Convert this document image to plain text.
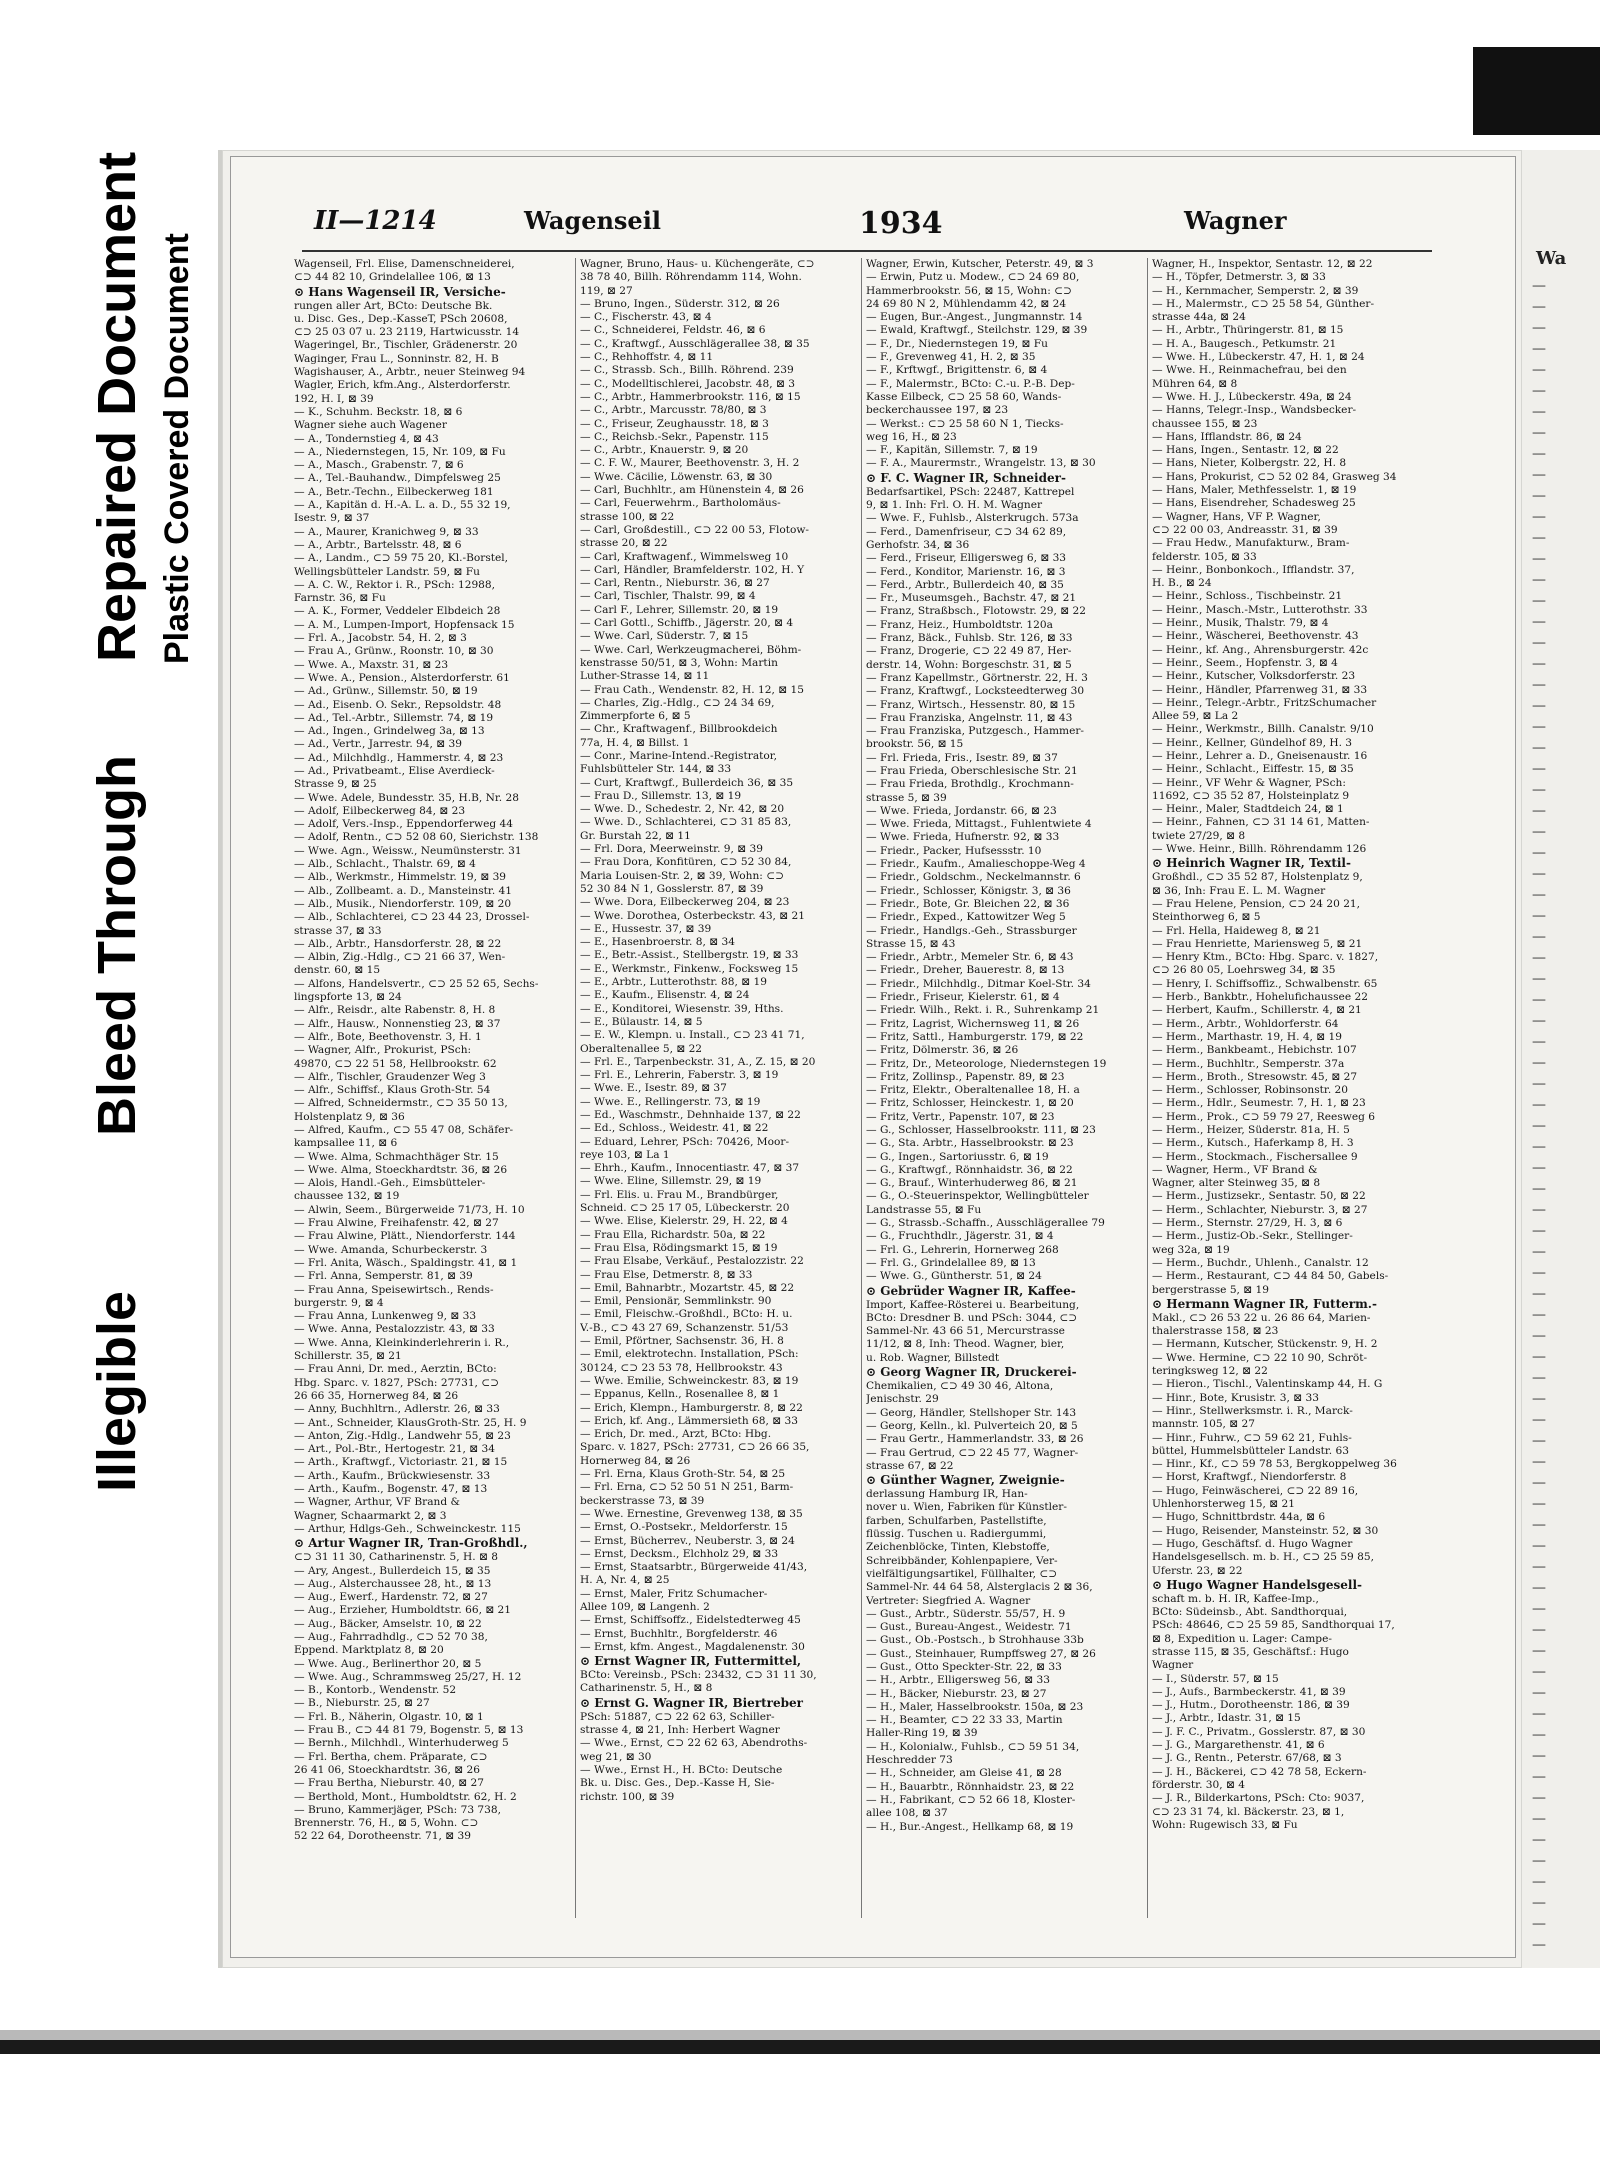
Illegible
Bleed Through
Repaired Document Plastic Covered Document	Wa
—
—
—
—
—
—
—
—
—
—
—
—
—
—
—
—
—
—
—
—
—
—
—
—
—
—
—
—
—
—
—
—
—
—
—
—
—
—
—
—
—
—
—
—
—
—
—
—
—
—
—
—
—
—
—
—
—
—
—
—
—
—
—
—
—
—
—
—
—
—
—
—
—
—
—
—
—
—
—
—
II—1214	Wagenseil	1934	Wagner
Wagenseil, Frl. Elise, Damenschneiderei,
⊂⊃ 44 82 10, Grindelallee 106, ⊠ 13
⊙ Hans Wagenseil IR, Versiche-
rungen aller Art, BCto: Deutsche Bk.
u. Disc. Ges., Dep.-KasseT, PSch 20608,
⊂⊃ 25 03 07 u. 23 2119, Hartwicusstr. 14
Wageringel, Br., Tischler, Grädenerstr. 20
Waginger, Frau L., Sonninstr. 82, H. B
Wagishauser, A., Arbtr., neuer Steinweg 94
Wagler, Erich, kfm.Ang., Alsterdorferstr.
192, H. I, ⊠ 39
— K., Schuhm. Beckstr. 18, ⊠ 6
Wagner siehe auch Wagener
— A., Tondernstieg 4, ⊠ 43
— A., Niedernstegen, 15, Nr. 109, ⊠ Fu
— A., Masch., Grabenstr. 7, ⊠ 6
— A., Tel.-Bauhandw., Dimpfelsweg 25
— A., Betr.-Techn., Eilbeckerweg 181
— A., Kapitän d. H.-A. L. a. D., 55 32 19,
Isestr. 9, ⊠ 37
— A., Maurer, Kranichweg 9, ⊠ 33
— A., Arbtr., Bartelsstr. 48, ⊠ 6
— A., Landm., ⊂⊃ 59 75 20, Kl.-Borstel,
Wellingsbütteler Landstr. 59, ⊠ Fu
— A. C. W., Rektor i. R., PSch: 12988,
Farnstr. 36, ⊠ Fu
— A. K., Former, Veddeler Elbdeich 28
— A. M., Lumpen-Import, Hopfensack 15
— Frl. A., Jacobstr. 54, H. 2, ⊠ 3
— Frau A., Grünw., Roonstr. 10, ⊠ 30
— Wwe. A., Maxstr. 31, ⊠ 23
— Wwe. A., Pension., Alsterdorferstr. 61
— Ad., Grünw., Sillemstr. 50, ⊠ 19
— Ad., Eisenb. O. Sekr., Repsoldstr. 48
— Ad., Tel.-Arbtr., Sillemstr. 74, ⊠ 19
— Ad., Ingen., Grindelweg 3a, ⊠ 13
— Ad., Vertr., Jarrestr. 94, ⊠ 39
— Ad., Milchhdlg., Hammerstr. 4, ⊠ 23
— Ad., Privatbeamt., Elise Averdieck-
Strasse 9, ⊠ 25
— Wwe. Adele, Bundesstr. 35, H.B, Nr. 28
— Adolf, Eilbeckerweg 84, ⊠ 23
— Adolf, Vers.-Insp., Eppendorferweg 44
— Adolf, Rentn., ⊂⊃ 52 08 60, Sierichstr. 138
— Wwe. Agn., Weissw., Neumünsterstr. 31
— Alb., Schlacht., Thalstr. 69, ⊠ 4
— Alb., Werkmstr., Himmelstr. 19, ⊠ 39
— Alb., Zollbeamt. a. D., Mansteinstr. 41
— Alb., Musik., Niendorferstr. 109, ⊠ 20
— Alb., Schlachterei, ⊂⊃ 23 44 23, Drossel-
strasse 37, ⊠ 33
— Alb., Arbtr., Hansdorferstr. 28, ⊠ 22
— Albin, Zig.-Hdlg., ⊂⊃ 21 66 37, Wen-
denstr. 60, ⊠ 15
— Alfons, Handelsvertr., ⊂⊃ 25 52 65, Sechs-
lingspforte 13, ⊠ 24
— Alfr., Reisdr., alte Rabenstr. 8, H. 8
— Alfr., Hausw., Nonnenstieg 23, ⊠ 37
— Alfr., Bote, Beethovenstr. 3, H. 1
— Wagner, Alfr., Prokurist, PSch:
49870, ⊂⊃ 22 51 58, Hellbrookstr. 62
— Alfr., Tischler, Graudenzer Weg 3
— Alfr., Schiffsf., Klaus Groth-Str. 54
— Alfred, Schneidermstr., ⊂⊃ 35 50 13,
Holstenplatz 9, ⊠ 36
— Alfred, Kaufm., ⊂⊃ 55 47 08, Schäfer-
kampsallee 11, ⊠ 6
— Wwe. Alma, Schmachthäger Str. 15
— Wwe. Alma, Stoeckhardtstr. 36, ⊠ 26
— Alois, Handl.-Geh., Eimsbütteler-
chaussee 132, ⊠ 19
— Alwin, Seem., Bürgerweide 71/73, H. 10
— Frau Alwine, Freihafenstr. 42, ⊠ 27
— Frau Alwine, Plätt., Niendorferstr. 144
— Wwe. Amanda, Schurbeckerstr. 3
— Frl. Anita, Wäsch., Spaldingstr. 41, ⊠ 1
— Frl. Anna, Semperstr. 81, ⊠ 39
— Frau Anna, Speisewirtsch., Rends-
burgerstr. 9, ⊠ 4
— Frau Anna, Lunkenweg 9, ⊠ 33
— Wwe. Anna, Pestalozzistr. 43, ⊠ 33
— Wwe. Anna, Kleinkinderlehrerin i. R.,
Schillerstr. 35, ⊠ 21
— Frau Anni, Dr. med., Aerztin, BCto:
Hbg. Sparc. v. 1827, PSch: 27731, ⊂⊃
26 66 35, Hornerweg 84, ⊠ 26
— Anny, Buchhltrn., Adlerstr. 26, ⊠ 33
— Ant., Schneider, KlausGroth-Str. 25, H. 9
— Anton, Zig.-Hdlg., Landwehr 55, ⊠ 23
— Art., Pol.-Btr., Hertogestr. 21, ⊠ 34
— Arth., Kraftwgf., Victoriastr. 21, ⊠ 15
— Arth., Kaufm., Brückwiesenstr. 33
— Arth., Kaufm., Bogenstr. 47, ⊠ 13
— Wagner, Arthur, VF Brand &
Wagner, Schaarmarkt 2, ⊠ 3
— Arthur, Hdlgs-Geh., Schweinckestr. 115
⊙ Artur Wagner IR, Tran-Großhdl.,
⊂⊃ 31 11 30, Catharinenstr. 5, H. ⊠ 8
— Ary, Angest., Bullerdeich 15, ⊠ 35
— Aug., Alsterchaussee 28, ht., ⊠ 13
— Aug., Ewerf., Hardenstr. 72, ⊠ 27
— Aug., Erzieher, Humboldtstr. 66, ⊠ 21
— Aug., Bäcker, Amselstr. 10, ⊠ 22
— Aug., Fahrradhdlg., ⊂⊃ 52 70 38,
Eppend. Marktplatz 8, ⊠ 20
— Wwe. Aug., Berlinerthor 20, ⊠ 5
— Wwe. Aug., Schrammsweg 25/27, H. 12
— B., Kontorb., Wendenstr. 52
— B., Nieburstr. 25, ⊠ 27
— Frl. B., Näherin, Olgastr. 10, ⊠ 1
— Frau B., ⊂⊃ 44 81 79, Bogenstr. 5, ⊠ 13
— Bernh., Milchhdl., Winterhuderweg 5
— Frl. Bertha, chem. Präparate, ⊂⊃
26 41 06, Stoeckhardtstr. 36, ⊠ 26
— Frau Bertha, Nieburstr. 40, ⊠ 27
— Berthold, Mont., Humboldtstr. 62, H. 2
— Bruno, Kammerjäger, PSch: 73 738,
Brennerstr. 76, H., ⊠ 5, Wohn. ⊂⊃
52 22 64, Dorotheenstr. 71, ⊠ 39
Wagner, Bruno, Haus- u. Küchengeräte, ⊂⊃
38 78 40, Billh. Röhrendamm 114, Wohn.
119, ⊠ 27
— Bruno, Ingen., Süderstr. 312, ⊠ 26
— C., Fischerstr. 43, ⊠ 4
— C., Schneiderei, Feldstr. 46, ⊠ 6
— C., Kraftwgf., Ausschlägerallee 38, ⊠ 35
— C., Rehhoffstr. 4, ⊠ 11
— C., Strassb. Sch., Billh. Röhrend. 239
— C., Modelltischlerei, Jacobstr. 48, ⊠ 3
— C., Arbtr., Hammerbrookstr. 116, ⊠ 15
— C., Arbtr., Marcusstr. 78/80, ⊠ 3
— C., Friseur, Zeughausstr. 18, ⊠ 3
— C., Reichsb.-Sekr., Papenstr. 115
— C., Arbtr., Knauerstr. 9, ⊠ 20
— C. F. W., Maurer, Beethovenstr. 3, H. 2
— Wwe. Cäcilie, Löwenstr. 63, ⊠ 30
— Carl, Buchhltr., am Hünenstein 4, ⊠ 26
— Carl, Feuerwehrm., Bartholomäus-
strasse 100, ⊠ 22
— Carl, Großdestill., ⊂⊃ 22 00 53, Flotow-
strasse 20, ⊠ 22
— Carl, Kraftwagenf., Wimmelsweg 10
— Carl, Händler, Bramfelderstr. 102, H. Y
— Carl, Rentn., Nieburstr. 36, ⊠ 27
— Carl, Tischler, Thalstr. 99, ⊠ 4
— Carl F., Lehrer, Sillemstr. 20, ⊠ 19
— Carl Gottl., Schiffb., Jägerstr. 20, ⊠ 4
— Wwe. Carl, Süderstr. 7, ⊠ 15
— Wwe. Carl, Werkzeugmacherei, Böhm-
kenstrasse 50/51, ⊠ 3, Wohn: Martin
Luther-Strasse 14, ⊠ 11
— Frau Cath., Wendenstr. 82, H. 12, ⊠ 15
— Charles, Zig.-Hdlg., ⊂⊃ 24 34 69,
Zimmerpforte 6, ⊠ 5
— Chr., Kraftwagenf., Billbrookdeich
77a, H. 4, ⊠ Billst. 1
— Conr., Marine-Intend.-Registrator,
Fuhlsbütteler Str. 144, ⊠ 33
— Curt, Kraftwgf., Bullerdeich 36, ⊠ 35
— Frau D., Sillemstr. 13, ⊠ 19
— Wwe. D., Schedestr. 2, Nr. 42, ⊠ 20
— Wwe. D., Schlachterei, ⊂⊃ 31 85 83,
Gr. Burstah 22, ⊠ 11
— Frl. Dora, Meerweinstr. 9, ⊠ 39
— Frau Dora, Konfitüren, ⊂⊃ 52 30 84,
Maria Louisen-Str. 2, ⊠ 39, Wohn: ⊂⊃
52 30 84 N 1, Gosslerstr. 87, ⊠ 39
— Wwe. Dora, Eilbeckerweg 204, ⊠ 23
— Wwe. Dorothea, Osterbeckstr. 43, ⊠ 21
— E., Hussestr. 37, ⊠ 39
— E., Hasenbroerstr. 8, ⊠ 34
— E., Betr.-Assist., Stellbergstr. 19, ⊠ 33
— E., Werkmstr., Finkenw., Focksweg 15
— E., Arbtr., Lutterothstr. 88, ⊠ 19
— E., Kaufm., Elisenstr. 4, ⊠ 24
— E., Konditorei, Wiesenstr. 39, Hths.
— E., Bülaustr. 14, ⊠ 5
— E. W., Klempn. u. Install., ⊂⊃ 23 41 71,
Oberaltenallee 5, ⊠ 22
— Frl. E., Tarpenbeckstr. 31, A., Z. 15, ⊠ 20
— Frl. E., Lehrerin, Faberstr. 3, ⊠ 19
— Wwe. E., Isestr. 89, ⊠ 37
— Wwe. E., Rellingerstr. 73, ⊠ 19
— Ed., Waschmstr., Dehnhaide 137, ⊠ 22
— Ed., Schloss., Weidestr. 41, ⊠ 22
— Eduard, Lehrer, PSch: 70426, Moor-
reye 103, ⊠ La 1
— Ehrh., Kaufm., Innocentiastr. 47, ⊠ 37
— Wwe. Eline, Sillemstr. 29, ⊠ 19
— Frl. Elis. u. Frau M., Brandbürger,
Schneid. ⊂⊃ 25 17 05, Lübeckerstr. 20
— Wwe. Elise, Kielerstr. 29, H. 22, ⊠ 4
— Frau Ella, Richardstr. 50a, ⊠ 22
— Frau Elsa, Rödingsmarkt 15, ⊠ 19
— Frau Elsabe, Verkäuf., Pestalozzistr. 22
— Frau Else, Detmerstr. 8, ⊠ 33
— Emil, Bahnarbtr., Mozartstr. 45, ⊠ 22
— Emil, Pensionär, Semmlinkstr. 90
— Emil, Fleischw.-Großhdl., BCto: H. u.
V.-B., ⊂⊃ 43 27 69, Schanzenstr. 51/53
— Emil, Pförtner, Sachsenstr. 36, H. 8
— Emil, elektrotechn. Installation, PSch:
30124, ⊂⊃ 23 53 78, Hellbrookstr. 43
— Wwe. Emilie, Schweinckestr. 83, ⊠ 19
— Eppanus, Kelln., Rosenallee 8, ⊠ 1
— Erich, Klempn., Hamburgerstr. 8, ⊠ 22
— Erich, kf. Ang., Lämmersieth 68, ⊠ 33
— Erich, Dr. med., Arzt, BCto: Hbg.
Sparc. v. 1827, PSch: 27731, ⊂⊃ 26 66 35,
Hornerweg 84, ⊠ 26
— Frl. Erna, Klaus Groth-Str. 54, ⊠ 25
— Frl. Erna, ⊂⊃ 52 50 51 N 251, Barm-
beckerstrasse 73, ⊠ 39
— Wwe. Ernestine, Grevenweg 138, ⊠ 35
— Ernst, O.-Postsekr., Meldorferstr. 15
— Ernst, Bücherrev., Neuberstr. 3, ⊠ 24
— Ernst, Decksm., Elchholz 29, ⊠ 33
— Ernst, Staatsarbtr., Bürgerweide 41/43,
H. A, Nr. 4, ⊠ 25
— Ernst, Maler, Fritz Schumacher-
Allee 109, ⊠ Langenh. 2
— Ernst, Schiffsoffz., Eidelstedterweg 45
— Ernst, Buchhltr., Borgfelderstr. 46
— Ernst, kfm. Angest., Magdalenenstr. 30
⊙ Ernst Wagner IR, Futtermittel,
BCto: Vereinsb., PSch: 23432, ⊂⊃ 31 11 30,
Catharinenstr. 5, H., ⊠ 8
⊙ Ernst G. Wagner IR, Biertreber
PSch: 51887, ⊂⊃ 22 62 63, Schiller-
strasse 4, ⊠ 21, Inh: Herbert Wagner
— Wwe., Ernst, ⊂⊃ 22 62 63, Abendroths-
weg 21, ⊠ 30
— Wwe., Ernst H., H. BCto: Deutsche
Bk. u. Disc. Ges., Dep.-Kasse H, Sie-
richstr. 100, ⊠ 39
Wagner, Erwin, Kutscher, Peterstr. 49, ⊠ 3
— Erwin, Putz u. Modew., ⊂⊃ 24 69 80,
Hammerbrookstr. 56, ⊠ 15, Wohn: ⊂⊃
24 69 80 N 2, Mühlendamm 42, ⊠ 24
— Eugen, Bur.-Angest., Jungmannstr. 14
— Ewald, Kraftwgf., Steilchstr. 129, ⊠ 39
— F., Dr., Niedernstegen 19, ⊠ Fu
— F., Grevenweg 41, H. 2, ⊠ 35
— F., Krftwgf., Brigittenstr. 6, ⊠ 4
— F., Malermstr., BCto: C.-u. P.-B. Dep-
Kasse Eilbeck, ⊂⊃ 25 58 60, Wands-
beckerchaussee 197, ⊠ 23
— Werkst.: ⊂⊃ 25 58 60 N 1, Tiecks-
weg 16, H., ⊠ 23
— F., Kapitän, Sillemstr. 7, ⊠ 19
— F. A., Maurermstr., Wrangelstr. 13, ⊠ 30
⊙ F. C. Wagner IR, Schneider-
Bedarfsartikel, PSch: 22487, Kattrepel
9, ⊠ 1. Inh: Frl. O. H. M. Wagner
— Wwe. F., Fuhlsb., Alsterkrugch. 573a
— Ferd., Damenfriseur, ⊂⊃ 34 62 89,
Gerhofstr. 34, ⊠ 36
— Ferd., Friseur, Elligersweg 6, ⊠ 33
— Ferd., Konditor, Marienstr. 16, ⊠ 3
— Ferd., Arbtr., Bullerdeich 40, ⊠ 35
— Fr., Museumsgeh., Bachstr. 47, ⊠ 21
— Franz, Straßbsch., Flotowstr. 29, ⊠ 22
— Franz, Heiz., Humboldtstr. 120a
— Franz, Bäck., Fuhlsb. Str. 126, ⊠ 33
— Franz, Drogerie, ⊂⊃ 22 49 87, Her-
derstr. 14, Wohn: Borgeschstr. 31, ⊠ 5
— Franz Kapellmstr., Görtnerstr. 22, H. 3
— Franz, Kraftwgf., Locksteedterweg 30
— Franz, Wirtsch., Hessenstr. 80, ⊠ 15
— Frau Franziska, Angelnstr. 11, ⊠ 43
— Frau Franziska, Putzgesch., Hammer-
brookstr. 56, ⊠ 15
— Frl. Frieda, Fris., Isestr. 89, ⊠ 37
— Frau Frieda, Oberschlesische Str. 21
— Frau Frieda, Brothdlg., Krochmann-
strasse 5, ⊠ 39
— Wwe. Frieda, Jordanstr. 66, ⊠ 23
— Wwe. Frieda, Mittagst., Fuhlentwiete 4
— Wwe. Frieda, Hufnerstr. 92, ⊠ 33
— Friedr., Packer, Hufsessstr. 10
— Friedr., Kaufm., Amalieschoppe-Weg 4
— Friedr., Goldschm., Neckelmannstr. 6
— Friedr., Schlosser, Königstr. 3, ⊠ 36
— Friedr., Bote, Gr. Bleichen 22, ⊠ 36
— Friedr., Exped., Kattowitzer Weg 5
— Friedr., Handlgs.-Geh., Strassburger
Strasse 15, ⊠ 43
— Friedr., Arbtr., Memeler Str. 6, ⊠ 43
— Friedr., Dreher, Bauerestr. 8, ⊠ 13
— Friedr., Milchhdlg., Ditmar Koel-Str. 34
— Friedr., Friseur, Kielerstr. 61, ⊠ 4
— Friedr. Wilh., Rekt. i. R., Suhrenkamp 21
— Fritz, Lagrist, Wichernsweg 11, ⊠ 26
— Fritz, Sattl., Hamburgerstr. 179, ⊠ 22
— Fritz, Dölmerstr. 36, ⊠ 26
— Fritz, Dr., Meteorologe, Niedernstegen 19
— Fritz, Zollinsp., Papenstr. 89, ⊠ 23
— Fritz, Elektr., Oberaltenallee 18, H. a
— Fritz, Schlosser, Heinckestr. 1, ⊠ 20
— Fritz, Vertr., Papenstr. 107, ⊠ 23
— G., Schlosser, Hasselbrookstr. 111, ⊠ 23
— G., Sta. Arbtr., Hasselbrookstr. ⊠ 23
— G., Ingen., Sartoriusstr. 6, ⊠ 19
— G., Kraftwgf., Rönnhaidstr. 36, ⊠ 22
— G., Brauf., Winterhuderweg 86, ⊠ 21
— G., O.-Steuerinspektor, Wellingbütteler
Landstrasse 55, ⊠ Fu
— G., Strassb.-Schaffn., Ausschlägerallee 79
— G., Fruchthdlr., Jägerstr. 31, ⊠ 4
— Frl. G., Lehrerin, Hornerweg 268
— Frl. G., Grindelallee 89, ⊠ 13
— Wwe. G., Güntherstr. 51, ⊠ 24
⊙ Gebrüder Wagner IR, Kaffee-
Import, Kaffee-Rösterei u. Bearbeitung,
BCto: Dresdner B. und PSch: 3044, ⊂⊃
Sammel-Nr. 43 66 51, Mercurstrasse
11/12, ⊠ 8, Inh: Theod. Wagner, bier,
u. Rob. Wagner, Billstedt
⊙ Georg Wagner IR, Druckerei-
Chemikalien, ⊂⊃ 49 30 46, Altona,
Jenischstr. 29
— Georg, Händler, Stellshoper Str. 143
— Georg, Kelln., kl. Pulverteich 20, ⊠ 5
— Frau Gertr., Hammerlandstr. 33, ⊠ 26
— Frau Gertrud, ⊂⊃ 22 45 77, Wagner-
strasse 67, ⊠ 22
⊙ Günther Wagner, Zweignie-
derlassung Hamburg IR, Han-
nover u. Wien, Fabriken für Künstler-
farben, Schulfarben, Pastellstifte,
flüssig. Tuschen u. Radiergummi,
Zeichenblöcke, Tinten, Klebstoffe,
Schreibbänder, Kohlenpapiere, Ver-
vielfältigungsartikel, Füllhalter, ⊂⊃
Sammel-Nr. 44 64 58, Alsterglacis 2 ⊠ 36,
Vertreter: Siegfried A. Wagner
— Gust., Arbtr., Süderstr. 55/57, H. 9
— Gust., Bureau-Angest., Weidestr. 71
— Gust., Ob.-Postsch., b Strohhause 33b
— Gust., Steinhauer, Rumpffsweg 27, ⊠ 26
— Gust., Otto Speckter-Str. 22, ⊠ 33
— H., Arbtr., Elligersweg 56, ⊠ 33
— H., Bäcker, Nieburstr. 23, ⊠ 27
— H., Maler, Hasselbrookstr. 150a, ⊠ 23
— H., Beamter, ⊂⊃ 22 33 33, Martin
Haller-Ring 19, ⊠ 39
— H., Kolonialw., Fuhlsb., ⊂⊃ 59 51 34,
Heschredder 73
— H., Schneider, am Gleise 41, ⊠ 28
— H., Bauarbtr., Rönnhaidstr. 23, ⊠ 22
— H., Fabrikant, ⊂⊃ 52 66 18, Kloster-
allee 108, ⊠ 37
— H., Bur.-Angest., Hellkamp 68, ⊠ 19
Wagner, H., Inspektor, Sentastr. 12, ⊠ 22
— H., Töpfer, Detmerstr. 3, ⊠ 33
— H., Kernmacher, Semperstr. 2, ⊠ 39
— H., Malermstr., ⊂⊃ 25 58 54, Günther-
strasse 44a, ⊠ 24
— H., Arbtr., Thüringerstr. 81, ⊠ 15
— H. A., Baugesch., Petkumstr. 21
— Wwe. H., Lübeckerstr. 47, H. 1, ⊠ 24
— Wwe. H., Reinmachefrau, bei den
Mühren 64, ⊠ 8
— Wwe. H. J., Lübeckerstr. 49a, ⊠ 24
— Hanns, Telegr.-Insp., Wandsbecker-
chaussee 155, ⊠ 23
— Hans, Ifflandstr. 86, ⊠ 24
— Hans, Ingen., Sentastr. 12, ⊠ 22
— Hans, Nieter, Kolbergstr. 22, H. 8
— Hans, Prokurist, ⊂⊃ 52 02 84, Grasweg 34
— Hans, Maler, Methfesselstr. 1, ⊠ 19
— Hans, Eisendreher, Schadesweg 25
— Wagner, Hans, VF P. Wagner,
⊂⊃ 22 00 03, Andreasstr. 31, ⊠ 39
— Frau Hedw., Manufakturw., Bram-
felderstr. 105, ⊠ 33
— Heinr., Bonbonkoch., Ifflandstr. 37,
H. B., ⊠ 24
— Heinr., Schloss., Tischbeinstr. 21
— Heinr., Masch.-Mstr., Lutterothstr. 33
— Heinr., Musik, Thalstr. 79, ⊠ 4
— Heinr., Wäscherei, Beethovenstr. 43
— Heinr., kf. Ang., Ahrensburgerstr. 42c
— Heinr., Seem., Hopfenstr. 3, ⊠ 4
— Heinr., Kutscher, Volksdorferstr. 23
— Heinr., Händler, Pfarrenweg 31, ⊠ 33
— Heinr., Telegr.-Arbtr., FritzSchumacher
Allee 59, ⊠ La 2
— Heinr., Werkmstr., Billh. Canalstr. 9/10
— Heinr., Kellner, Gündelhof 89, H. 3
— Heinr., Lehrer a. D., Gneisenaustr. 16
— Heinr., Schlacht., Eiffestr. 15, ⊠ 35
— Heinr., VF Wehr & Wagner, PSch:
11692, ⊂⊃ 35 52 87, Holsteinplatz 9
— Heinr., Maler, Stadtdeich 24, ⊠ 1
— Heinr., Fahnen, ⊂⊃ 31 14 61, Matten-
twiete 27/29, ⊠ 8
— Wwe. Heinr., Billh. Röhrendamm 126
⊙ Heinrich Wagner IR, Textil-
Großhdl., ⊂⊃ 35 52 87, Holstenplatz 9,
⊠ 36, Inh: Frau E. L. M. Wagner
— Frau Helene, Pension, ⊂⊃ 24 20 21,
Steinthorweg 6, ⊠ 5
— Frl. Hella, Haideweg 8, ⊠ 21
— Frau Henriette, Mariensweg 5, ⊠ 21
— Henry Ktm., BCto: Hbg. Sparc. v. 1827,
⊂⊃ 26 80 05, Loehrsweg 34, ⊠ 35
— Henry, I. Schiffsoffiz., Schwalbenstr. 65
— Herb., Bankbtr., Hohelufichaussee 22
— Herbert, Kaufm., Schillerstr. 4, ⊠ 21
— Herm., Arbtr., Wohldorferstr. 64
— Herm., Marthastr. 19, H. 4, ⊠ 19
— Herm., Bankbeamt., Hebichstr. 107
— Herm., Buchhltr., Semperstr. 37a
— Herm., Broth., Stresowstr. 45, ⊠ 27
— Herm., Schlosser, Robinsonstr. 20
— Herm., Hdlr., Seumestr. 7, H. 1, ⊠ 23
— Herm., Prok., ⊂⊃ 59 79 27, Reesweg 6
— Herm., Heizer, Süderstr. 81a, H. 5
— Herm., Kutsch., Haferkamp 8, H. 3
— Herm., Stockmach., Fischersallee 9
— Wagner, Herm., VF Brand &
Wagner, alter Steinweg 35, ⊠ 8
— Herm., Justizsekr., Sentastr. 50, ⊠ 22
— Herm., Schlachter, Nieburstr. 3, ⊠ 27
— Herm., Sternstr. 27/29, H. 3, ⊠ 6
— Herm., Justiz-Ob.-Sekr., Stellinger-
weg 32a, ⊠ 19
— Herm., Buchdr., Uhlenh., Canalstr. 12
— Herm., Restaurant, ⊂⊃ 44 84 50, Gabels-
bergerstrasse 5, ⊠ 19
⊙ Hermann Wagner IR, Futterm.-
Makl., ⊂⊃ 26 53 22 u. 26 86 64, Marien-
thalerstrasse 158, ⊠ 23
— Hermann, Kutscher, Stückenstr. 9, H. 2
— Wwe. Hermine, ⊂⊃ 22 10 90, Schröt-
teringksweg 12, ⊠ 22
— Hieron., Tischl., Valentinskamp 44, H. G
— Hinr., Bote, Krusistr. 3, ⊠ 33
— Hinr., Stellwerksmstr. i. R., Marck-
mannstr. 105, ⊠ 27
— Hinr., Fuhrw., ⊂⊃ 59 62 21, Fuhls-
büttel, Hummelsbütteler Landstr. 63
— Hinr., Kf., ⊂⊃ 59 78 53, Bergkoppelweg 36
— Horst, Kraftwgf., Niendorferstr. 8
— Hugo, Feinwäscherei, ⊂⊃ 22 89 16,
Uhlenhorsterweg 15, ⊠ 21
— Hugo, Schnittbrdstr. 44a, ⊠ 6
— Hugo, Reisender, Mansteinstr. 52, ⊠ 30
— Hugo, Geschäftsf. d. Hugo Wagner
Handelsgesellsch. m. b. H., ⊂⊃ 25 59 85,
Uferstr. 23, ⊠ 22
⊙ Hugo Wagner Handelsgesell-
schaft m. b. H. IR, Kaffee-Imp.,
BCto: Südeinsb., Abt. Sandthorquai,
PSch: 48646, ⊂⊃ 25 59 85, Sandthorquai 17,
⊠ 8, Expedition u. Lager: Campe-
strasse 115, ⊠ 35, Geschäftsf.: Hugo
Wagner
— I., Süderstr. 57, ⊠ 15
— J., Aufs., Barmbeckerstr. 41, ⊠ 39
— J., Hutm., Dorotheenstr. 186, ⊠ 39
— J., Arbtr., Idastr. 31, ⊠ 15
— J. F. C., Privatm., Gosslerstr. 87, ⊠ 30
— J. G., Margarethenstr. 41, ⊠ 6
— J. G., Rentn., Peterstr. 67/68, ⊠ 3
— J. H., Bäckerei, ⊂⊃ 42 78 58, Eckern-
förderstr. 30, ⊠ 4
— J. R., Bilderkartons, PSch: Cto: 9037,
⊂⊃ 23 31 74, kl. Bäckerstr. 23, ⊠ 1,
Wohn: Rugewisch 33, ⊠ Fu
